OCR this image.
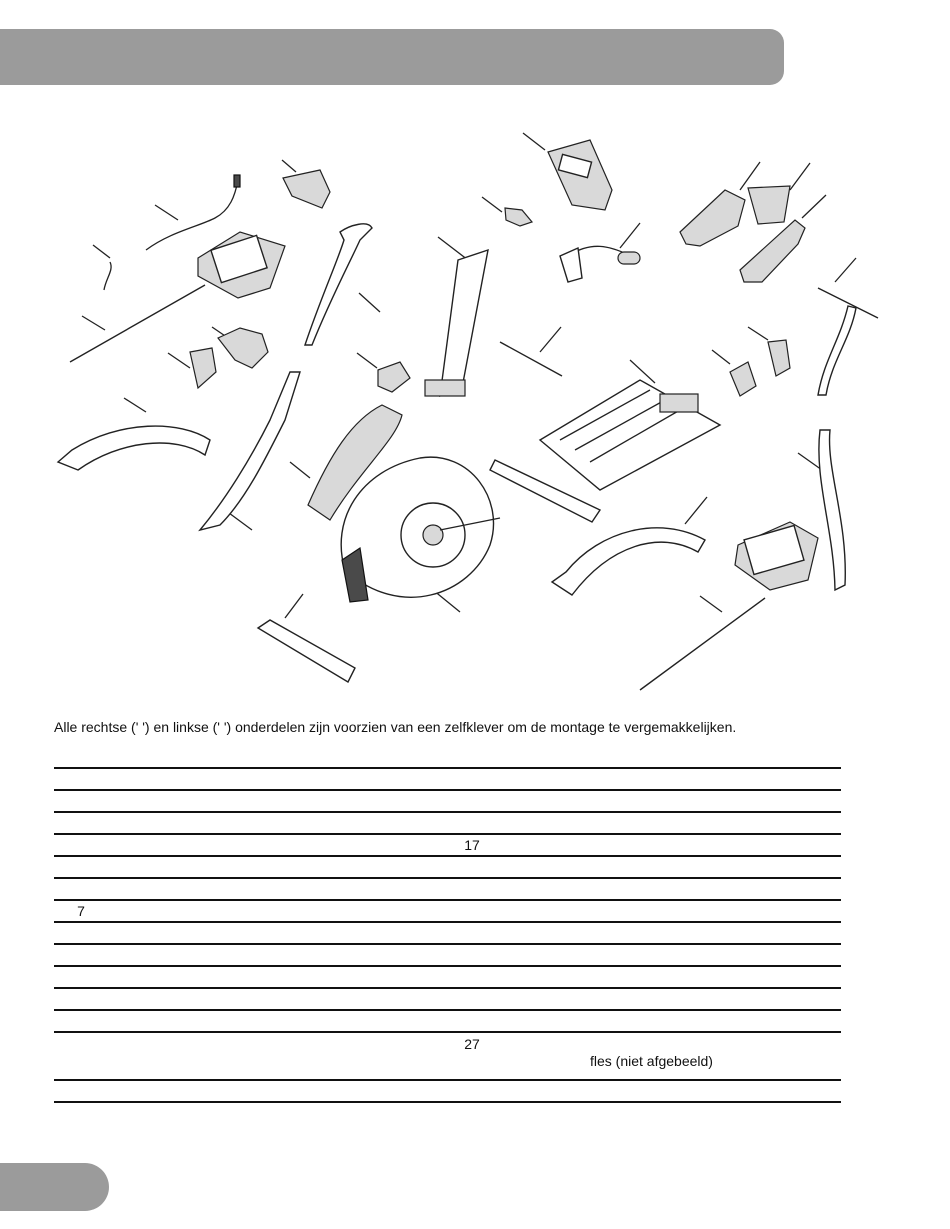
Alle rechtse (' ') en linkse (' ') onderdelen zijn voorzien van een zelfklever om de montage te vergemakkelijken.

			17		

7					

			27		fles (niet afgebeeld)
